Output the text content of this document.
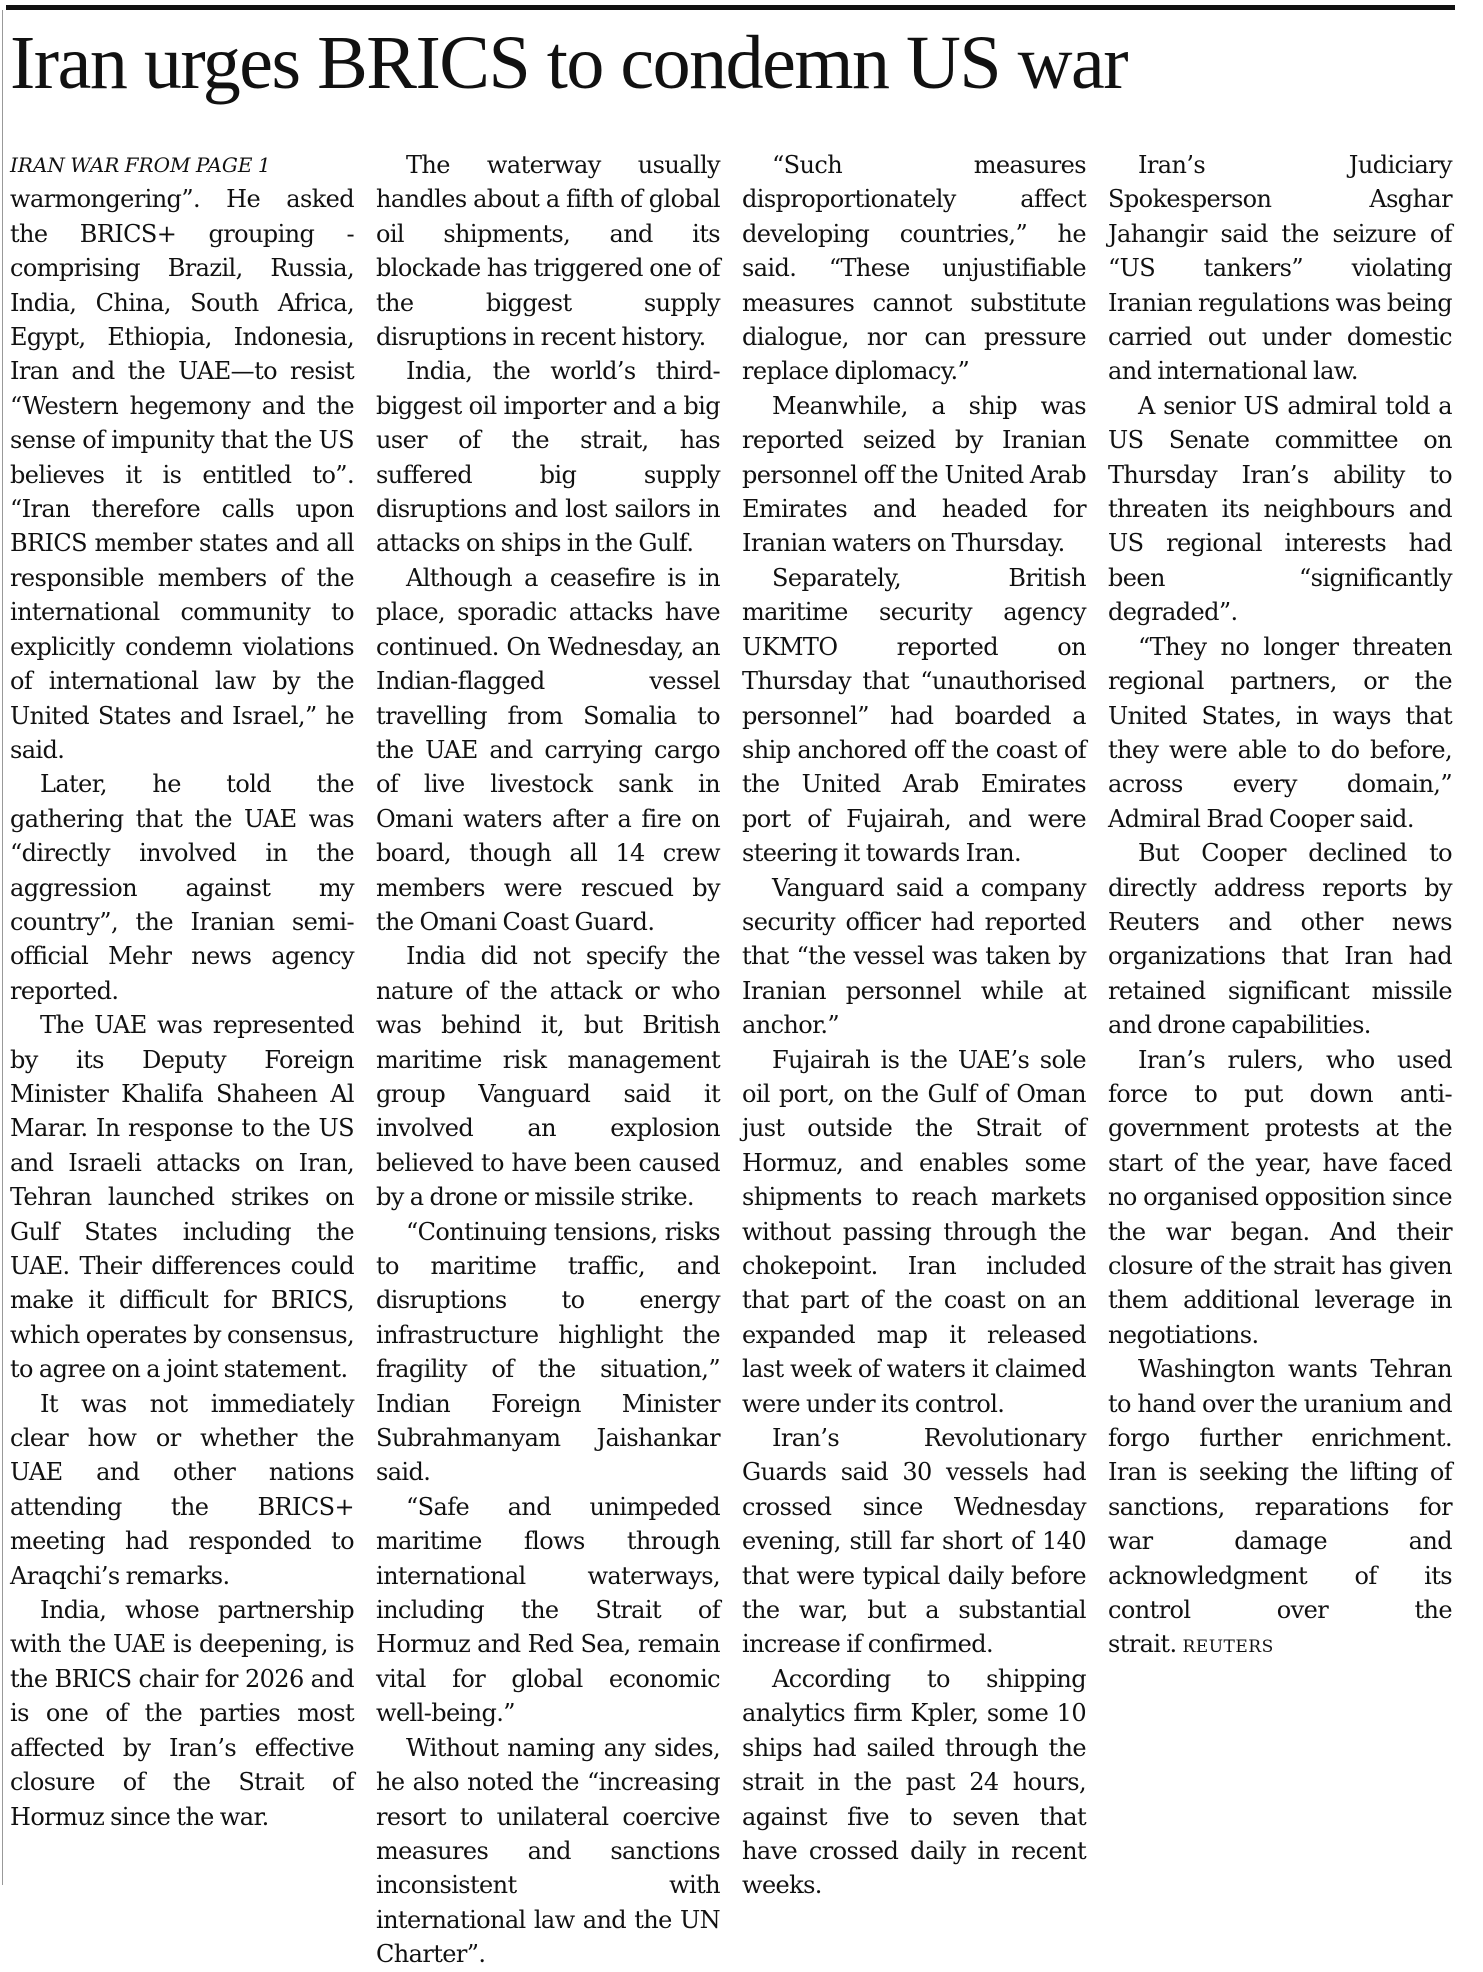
Iran urges BRICS to condemn US war
IRAN WAR FROM PAGE 1

warmongering”. He asked the BRICS+ grouping - comprising Brazil, Russia, India, China, South Africa, Egypt, Ethiopia, Indonesia, Iran and the UAE—to resist “Western hegemony and the sense of impunity that the US believes it is entitled to”. “Iran therefore calls upon BRICS member states and all responsible members of the international community to explicitly condemn violations of international law by the United States and Israel,” he said.

Later, he told the gathering that the UAE was “directly involved in the aggression against my country”, the Iranian semi-official Mehr news agency reported.

The UAE was represented by its Deputy Foreign Minister Khalifa Shaheen Al Marar. In response to the US and Israeli attacks on Iran, Tehran launched strikes on Gulf States including the UAE. Their differences could make it difficult for BRICS, which operates by consensus, to agree on a joint statement.

It was not immediately clear how or whether the UAE and other nations attending the BRICS+ meeting had responded to Araqchi’s remarks.

India, whose partnership with the UAE is deepening, is the BRICS chair for 2026 and is one of the parties most affected by Iran’s effective closure of the Strait of Hormuz since the war.

The waterway usually handles about a fifth of global oil shipments, and its blockade has triggered one of the biggest supply disruptions in recent history.

India, the world’s third-biggest oil importer and a big user of the strait, has suffered big supply disruptions and lost sailors in attacks on ships in the Gulf.

Although a ceasefire is in place, sporadic attacks have continued. On Wednesday, an Indian-flagged vessel travelling from Somalia to the UAE and carrying cargo of live livestock sank in Omani waters after a fire on board, though all 14 crew members were rescued by the Omani Coast Guard.

India did not specify the nature of the attack or who was behind it, but British maritime risk management group Vanguard said it involved an explosion believed to have been caused by a drone or missile strike.

“Continuing tensions, risks to maritime traffic, and disruptions to energy infrastructure highlight the fragility of the situation,” Indian Foreign Minister Subrahmanyam Jaishankar said.

“Safe and unimpeded maritime flows through international waterways, including the Strait of Hormuz and Red Sea, remain vital for global economic well-being.”

Without naming any sides, he also noted the “increasing resort to unilateral coercive measures and sanctions inconsistent with international law and the UN Charter”.

“Such measures disproportionately affect developing countries,” he said. “These unjustifiable measures cannot substitute dialogue, nor can pressure replace diplomacy.”

Meanwhile, a ship was reported seized by Iranian personnel off the United Arab Emirates and headed for Iranian waters on Thursday.

Separately, British maritime security agency UKMTO reported on Thursday that “unauthorised personnel” had boarded a ship anchored off the coast of the United Arab Emirates port of Fujairah, and were steering it towards Iran.

Vanguard said a company security officer had reported that “the vessel was taken by Iranian personnel while at anchor.”

Fujairah is the UAE’s sole oil port, on the Gulf of Oman just outside the Strait of Hormuz, and enables some shipments to reach markets without passing through the chokepoint. Iran included that part of the coast on an expanded map it released last week of waters it claimed were under its control.

Iran’s Revolutionary Guards said 30 vessels had crossed since Wednesday evening, still far short of 140 that were typical daily before the war, but a substantial increase if confirmed.

According to shipping analytics firm Kpler, some 10 ships had sailed through the strait in the past 24 hours, against five to seven that have crossed daily in recent weeks.

Iran’s Judiciary Spokesperson Asghar Jahangir said the seizure of “US tankers” violating Iranian regulations was being carried out under domestic and international law.

A senior US admiral told a US Senate committee on Thursday Iran’s ability to threaten its neighbours and US regional interests had been “significantly degraded”.

“They no longer threaten regional partners, or the United States, in ways that they were able to do before, across every domain,” Admiral Brad Cooper said.

But Cooper declined to directly address reports by Reuters and other news organizations that Iran had retained significant missile and drone capabilities.

Iran’s rulers, who used force to put down anti-government protests at the start of the year, have faced no organised opposition since the war began. And their closure of the strait has given them additional leverage in negotiations.

Washington wants Tehran to hand over the uranium and forgo further enrichment. Iran is seeking the lifting of sanctions, reparations for war damage and acknowledgment of its control over the strait. REUTERS
